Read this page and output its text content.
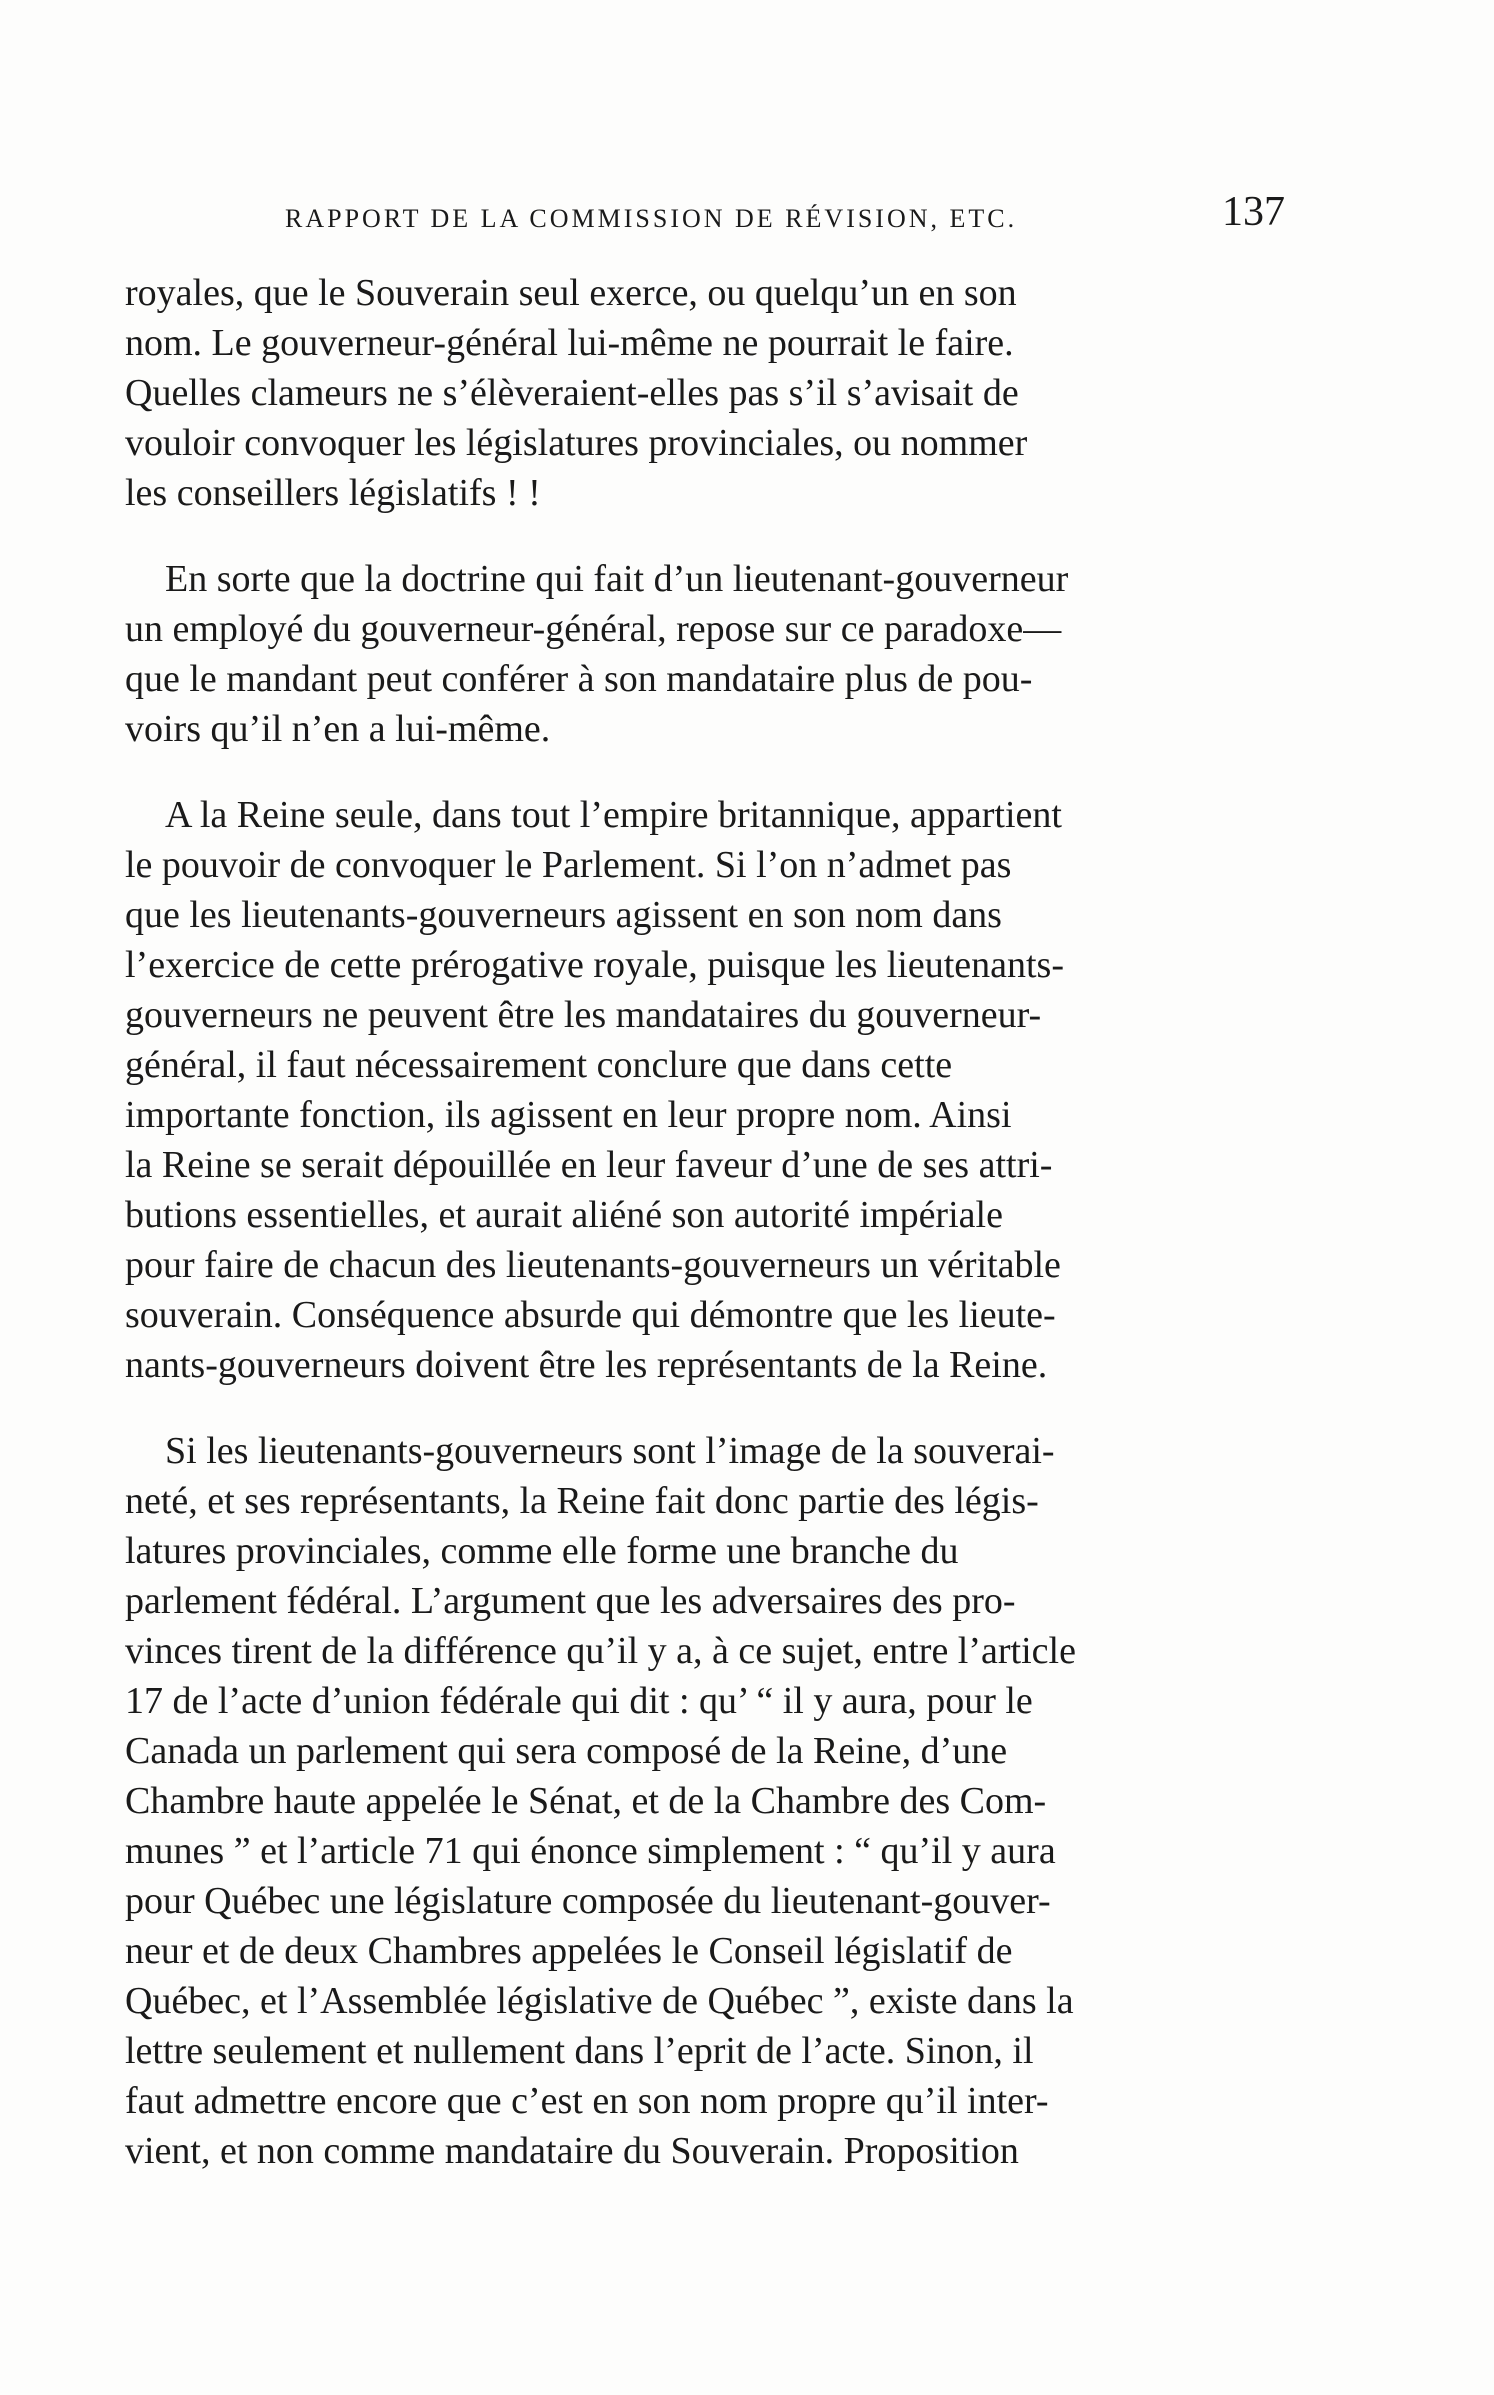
RAPPORT DE LA COMMISSION DE RÉVISION, ETC.	137
royales, que le Souverain seul exerce, ou quelqu’un en son
nom. Le gouverneur-général lui-même ne pourrait le faire.
Quelles clameurs ne s’élèveraient-elles pas s’il s’avisait de
vouloir convoquer les législatures provinciales, ou nommer
les conseillers législatifs ! !
En sorte que la doctrine qui fait d’un lieutenant-gouverneur
un employé du gouverneur-général, repose sur ce paradoxe—
que le mandant peut conférer à son mandataire plus de pou-
voirs qu’il n’en a lui-même.
A la Reine seule, dans tout l’empire britannique, appartient
le pouvoir de convoquer le Parlement. Si l’on n’admet pas
que les lieutenants-gouverneurs agissent en son nom dans
l’exercice de cette prérogative royale, puisque les lieutenants-
gouverneurs ne peuvent être les mandataires du gouverneur-
général, il faut nécessairement conclure que dans cette
importante fonction, ils agissent en leur propre nom. Ainsi
la Reine se serait dépouillée en leur faveur d’une de ses attri-
butions essentielles, et aurait aliéné son autorité impériale
pour faire de chacun des lieutenants-gouverneurs un véritable
souverain. Conséquence absurde qui démontre que les lieute-
nants-gouverneurs doivent être les représentants de la Reine.
Si les lieutenants-gouverneurs sont l’image de la souverai-
neté, et ses représentants, la Reine fait donc partie des légis-
latures provinciales, comme elle forme une branche du
parlement fédéral. L’argument que les adversaires des pro-
vinces tirent de la différence qu’il y a, à ce sujet, entre l’article
17 de l’acte d’union fédérale qui dit : qu’ “ il y aura, pour le
Canada un parlement qui sera composé de la Reine, d’une
Chambre haute appelée le Sénat, et de la Chambre des Com-
munes ” et l’article 71 qui énonce simplement : “ qu’il y aura
pour Québec une législature composée du lieutenant-gouver-
neur et de deux Chambres appelées le Conseil législatif de
Québec, et l’Assemblée législative de Québec ”, existe dans la
lettre seulement et nullement dans l’eprit de l’acte. Sinon, il
faut admettre encore que c’est en son nom propre qu’il inter-
vient, et non comme mandataire du Souverain. Proposition
